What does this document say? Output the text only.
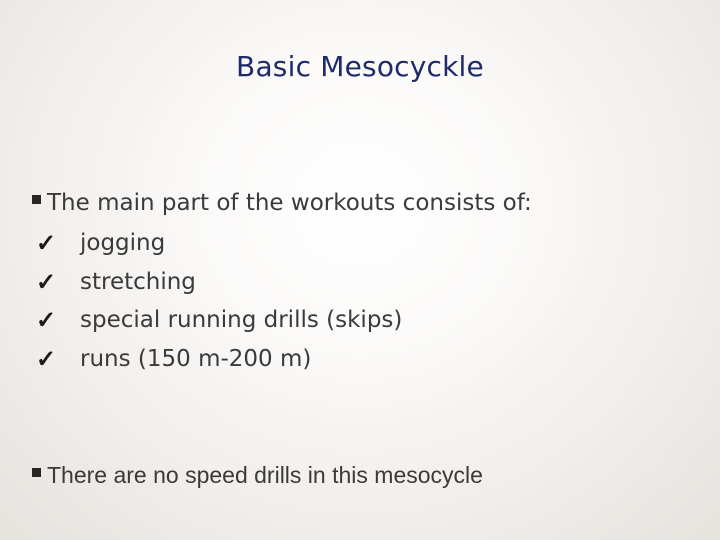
Basic Mesocyckle
The main part of the workouts consists of:
✓ jogging
✓ stretching
✓ special running drills (skips)
✓ runs (150 m-200 m)
There are no speed drills in this mesocycle
